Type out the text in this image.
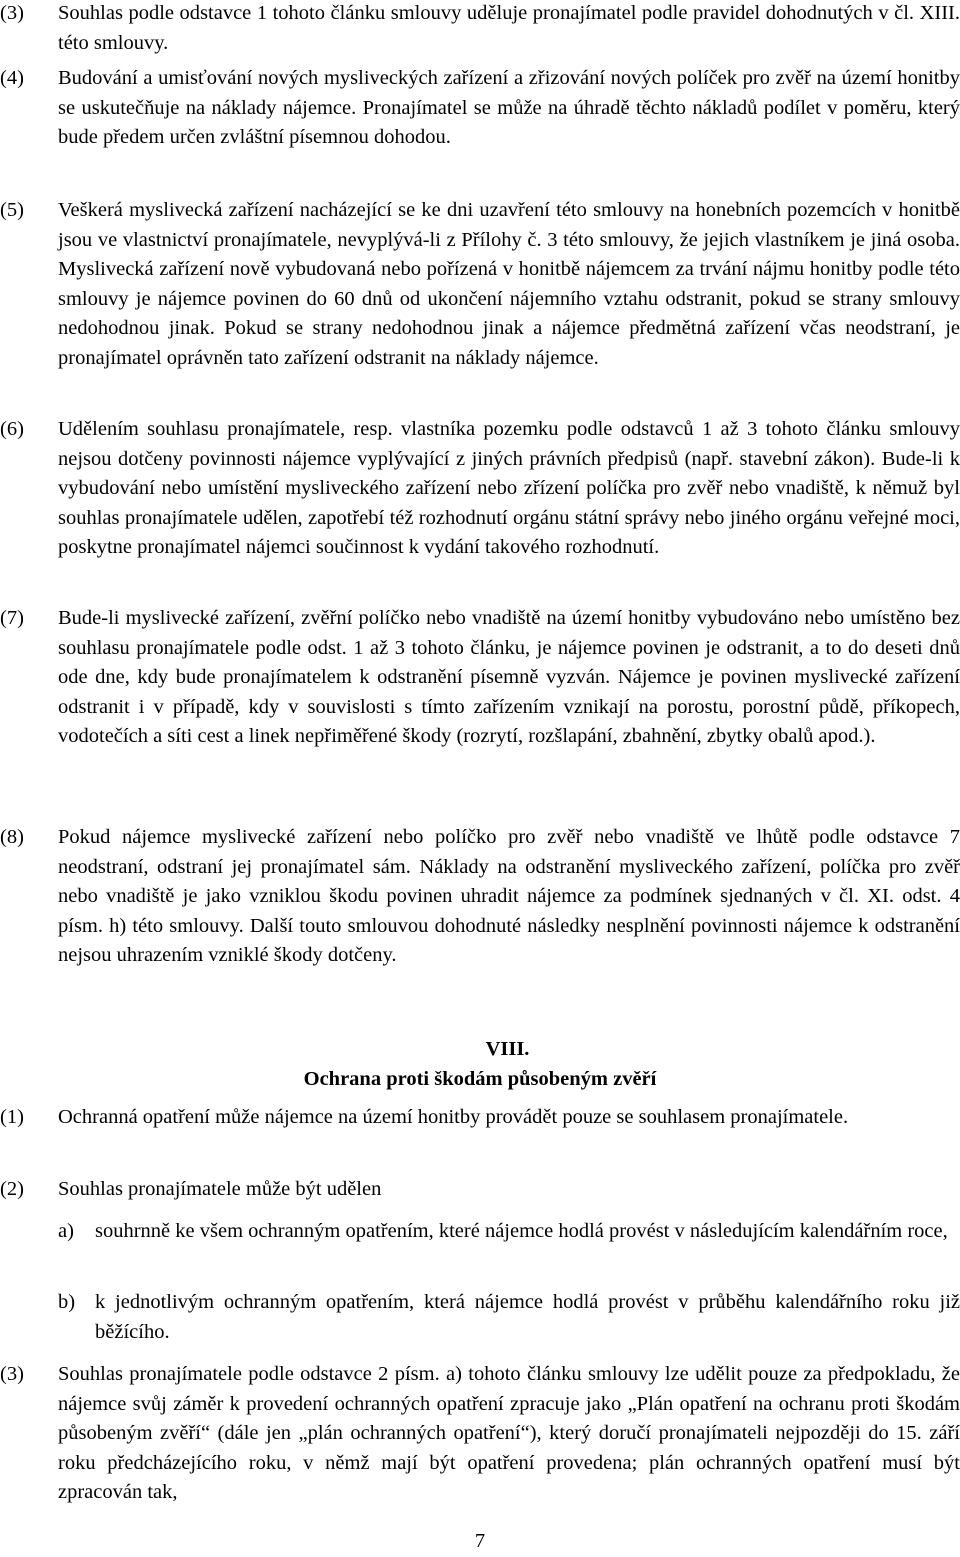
(3)	Souhlas podle odstavce 1 tohoto článku smlouvy uděluje pronajímatel podle pravidel dohodnutých v čl. XIII. této smlouvy.
(4)	Budování a umisťování nových mysliveckých zařízení a zřizování nových políček pro zvěř na území honitby se uskutečňuje na náklady nájemce. Pronajímatel se může na úhradě těchto nákladů podílet v poměru, který bude předem určen zvláštní písemnou dohodou.
(5)	Veškerá myslivecká zařízení nacházející se ke dni uzavření této smlouvy na honebních pozemcích v honitbě jsou ve vlastnictví pronajímatele, nevyplývá-li z Přílohy č. 3 této smlouvy, že jejich vlastníkem je jiná osoba. Myslivecká zařízení nově vybudovaná nebo pořízená v honitbě nájemcem za trvání nájmu honitby podle této smlouvy je nájemce povinen do 60 dnů od ukončení nájemního vztahu odstranit, pokud se strany smlouvy nedohodnou jinak. Pokud se strany nedohodnou jinak a nájemce předmětná zařízení včas neodstraní, je pronajímatel oprávněn tato zařízení odstranit na náklady nájemce.
(6)	Udělením souhlasu pronajímatele, resp. vlastníka pozemku podle odstavců 1 až 3 tohoto článku smlouvy nejsou dotčeny povinnosti nájemce vyplývající z jiných právních předpisů (např. stavební zákon). Bude-li k vybudování nebo umístění mysliveckého zařízení nebo zřízení políčka pro zvěř nebo vnadiště, k němuž byl souhlas pronajímatele udělen, zapotřebí též rozhodnutí orgánu státní správy nebo jiného orgánu veřejné moci, poskytne pronajímatel nájemci součinnost k vydání takového rozhodnutí.
(7)	Bude-li myslivecké zařízení, zvěřní políčko nebo vnadiště na území honitby vybudováno nebo umístěno bez souhlasu pronajímatele podle odst. 1 až 3 tohoto článku, je nájemce povinen je odstranit, a to do deseti dnů ode dne, kdy bude pronajímatelem k odstranění písemně vyzván. Nájemce je povinen myslivecké zařízení odstranit i v případě, kdy v souvislosti s tímto zařízením vznikají na porostu, porostní půdě, příkopech, vodotečích a síti cest a linek nepřiměřené škody (rozrytí, rozšlapání, zbahnění, zbytky obalů apod.).
(8)	Pokud nájemce myslivecké zařízení nebo políčko pro zvěř nebo vnadiště ve lhůtě podle odstavce 7 neodstraní, odstraní jej pronajímatel sám. Náklady na odstranění mysliveckého zařízení, políčka pro zvěř nebo vnadiště je jako vzniklou škodu povinen uhradit nájemce za podmínek sjednaných v čl. XI. odst. 4 písm. h) této smlouvy. Další touto smlouvou dohodnuté následky nesplnění povinnosti nájemce k odstranění nejsou uhrazením vzniklé škody dotčeny.
VIII.
Ochrana proti škodám působeným zvěří
(1)	Ochranná opatření může nájemce na území honitby provádět pouze se souhlasem pronajímatele.
(2)	Souhlas pronajímatele může být udělen
a)	souhrnně ke všem ochranným opatřením, které nájemce hodlá provést v následujícím kalendářním roce,
b) k jednotlivým ochranným opatřením, která nájemce hodlá provést v průběhu kalendářního roku již běžícího.
(3)	Souhlas pronajímatele podle odstavce 2 písm. a) tohoto článku smlouvy lze udělit pouze za předpokladu, že nájemce svůj záměr k provedení ochranných opatření zpracuje jako „Plán opatření na ochranu proti škodám působeným zvěří“ (dále jen „plán ochranných opatření“), který doručí pronajímateli nejpozději do 15. září roku předcházejícího roku, v němž mají být opatření provedena; plán ochranných opatření musí být zpracován tak,
7
